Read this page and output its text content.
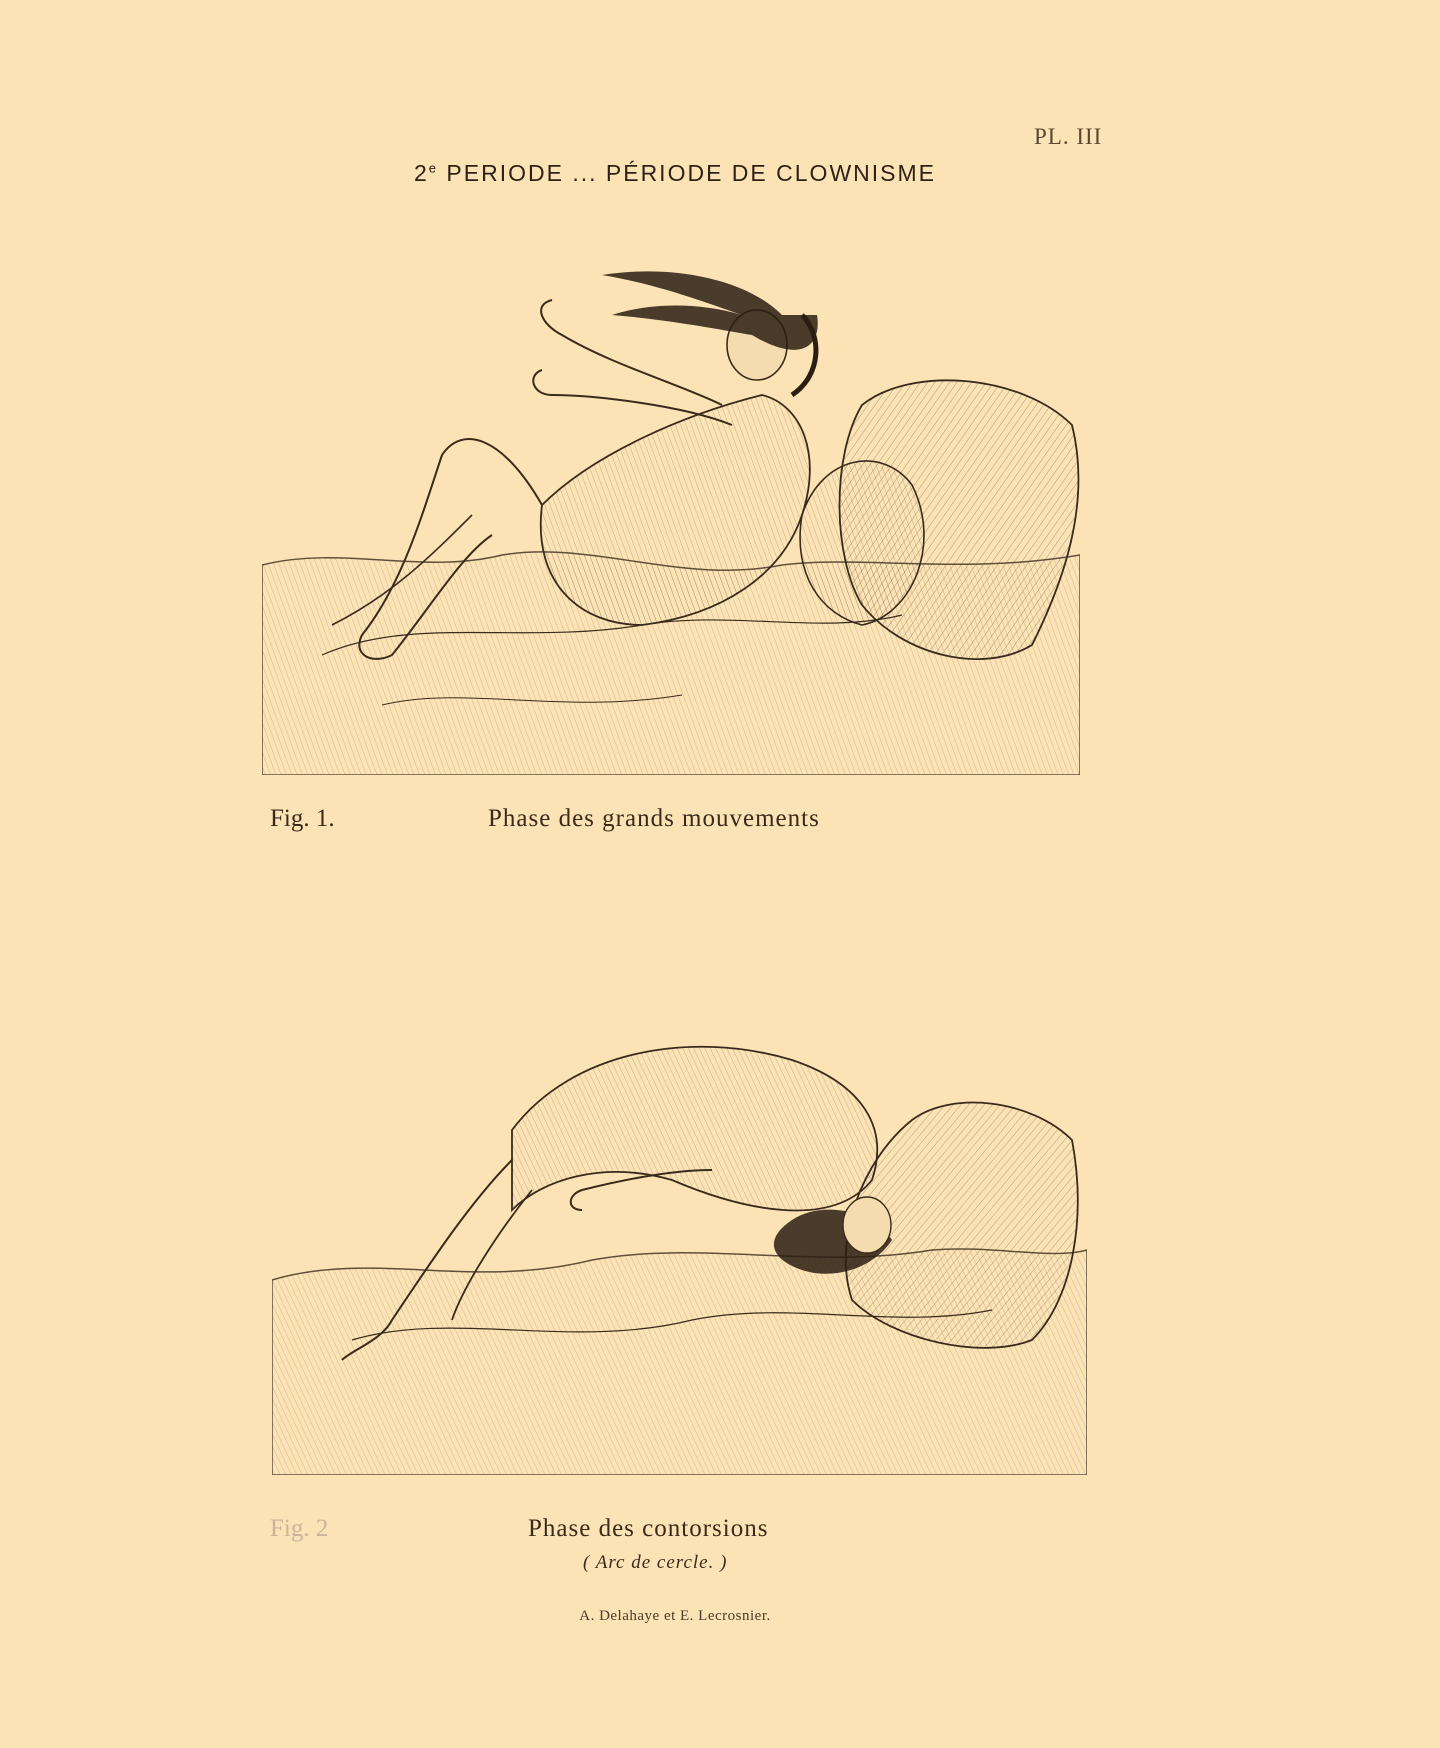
PL. III
2e PERIODE ... PÉRIODE DE CLOWNISME
Fig. 1.	Phase des grands mouvements
Fig. 2	Phase des contorsions
( Arc de cercle. )
A. Delahaye et E. Lecrosnier.
